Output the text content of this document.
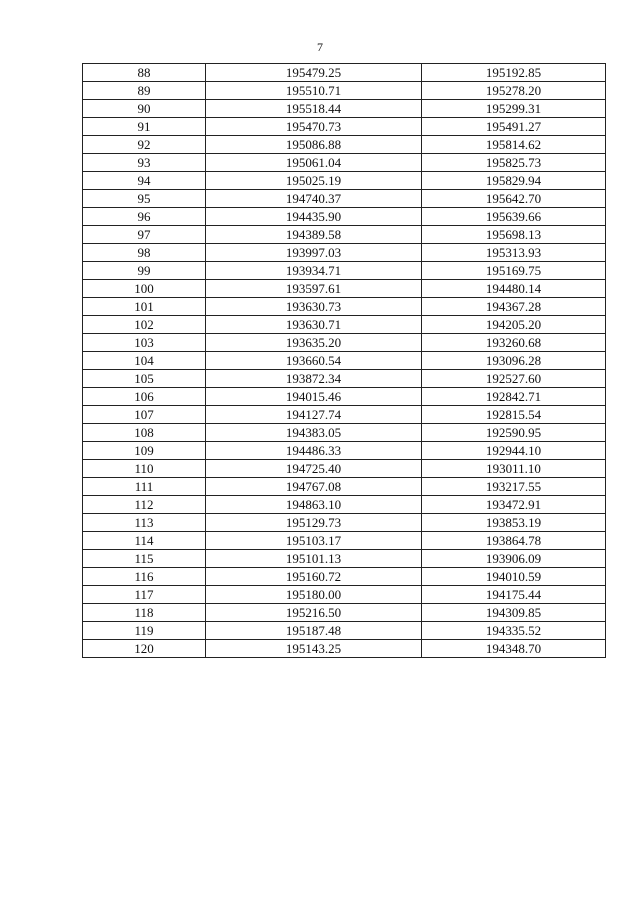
7
88	195479.25	195192.85
89	195510.71	195278.20
90	195518.44	195299.31
91	195470.73	195491.27
92	195086.88	195814.62
93	195061.04	195825.73
94	195025.19	195829.94
95	194740.37	195642.70
96	194435.90	195639.66
97	194389.58	195698.13
98	193997.03	195313.93
99	193934.71	195169.75
100	193597.61	194480.14
101	193630.73	194367.28
102	193630.71	194205.20
103	193635.20	193260.68
104	193660.54	193096.28
105	193872.34	192527.60
106	194015.46	192842.71
107	194127.74	192815.54
108	194383.05	192590.95
109	194486.33	192944.10
110	194725.40	193011.10
111	194767.08	193217.55
112	194863.10	193472.91
113	195129.73	193853.19
114	195103.17	193864.78
115	195101.13	193906.09
116	195160.72	194010.59
117	195180.00	194175.44
118	195216.50	194309.85
119	195187.48	194335.52
120	195143.25	194348.70
